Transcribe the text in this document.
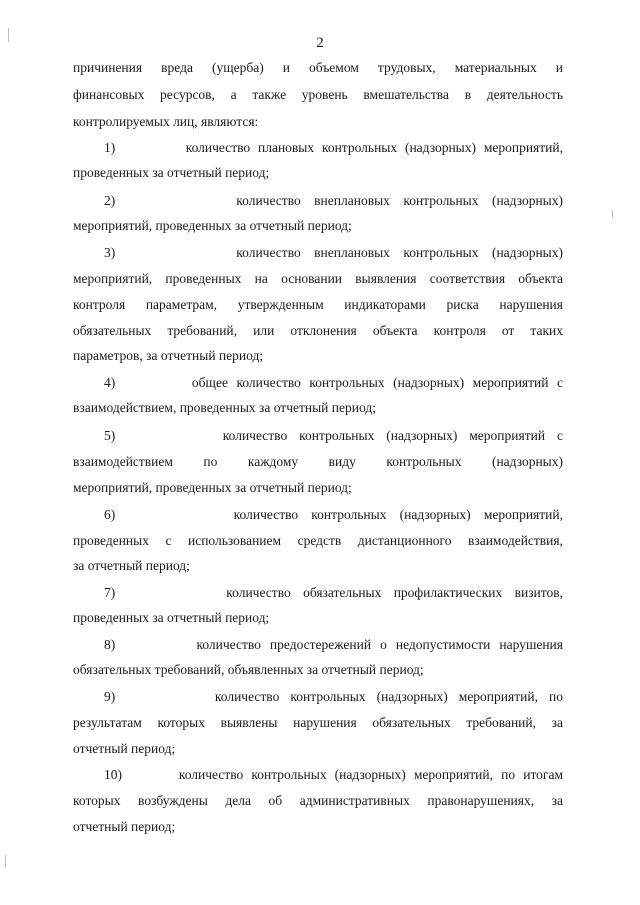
2
причинения вреда (ущерба) и объемом трудовых, материальных и
финансовых ресурсов, а также уровень вмешательства в деятельность
контролируемых лиц, являются:
1)         количество плановых контрольных (надзорных) мероприятий,
проведенных за отчетный период;
2)         количество внеплановых контрольных (надзорных)
мероприятий, проведенных за отчетный период;
3)         количество внеплановых контрольных (надзорных)
мероприятий, проведенных на основании выявления соответствия объекта
контроля параметрам, утвержденным индикаторами риска нарушения
обязательных требований, или отклонения объекта контроля от таких
параметров, за отчетный период;
4)         общее количество контрольных (надзорных) мероприятий с
взаимодействием, проведенных за отчетный период;
5)         количество контрольных (надзорных) мероприятий с
взаимодействием по каждому виду контрольных (надзорных)
мероприятий, проведенных за отчетный период;
6)         количество контрольных (надзорных) мероприятий,
проведенных с использованием средств дистанционного взаимодействия,
за отчетный период;
7)         количество обязательных профилактических визитов,
проведенных за отчетный период;
8)         количество предостережений о недопустимости нарушения
обязательных требований, объявленных за отчетный период;
9)         количество контрольных (надзорных) мероприятий, по
результатам которых выявлены нарушения обязательных требований, за
отчетный период;
10)       количество контрольных (надзорных) мероприятий, по итогам
которых возбуждены дела об административных правонарушениях, за
отчетный период;
